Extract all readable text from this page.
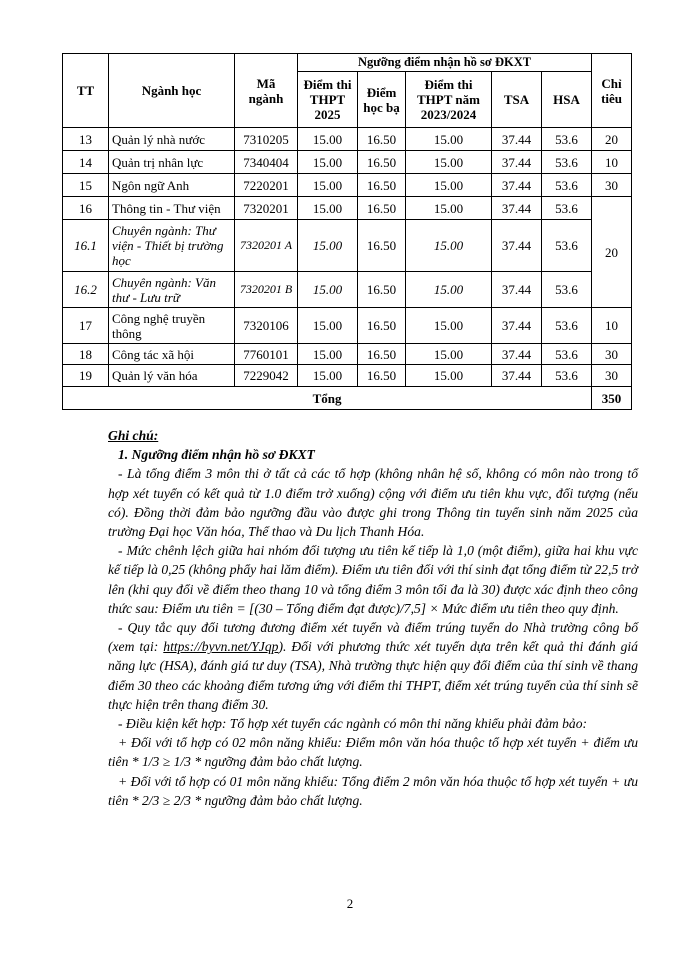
TT	Ngành học	Mã ngành	Ngưỡng điểm nhận hồ sơ ĐKXT					Chỉ tiêu
			Điểm thi THPT 2025	Điểm học bạ	Điểm thi THPT năm 2023/2024	TSA	HSA	
13	Quản lý nhà nước	7310205	15.00	16.50	15.00	37.44	53.6	20
14	Quản trị nhân lực	7340404	15.00	16.50	15.00	37.44	53.6	10
15	Ngôn ngữ Anh	7220201	15.00	16.50	15.00	37.44	53.6	30
16	Thông tin - Thư viện	7320201	15.00	16.50	15.00	37.44	53.6	20
16.1	Chuyên ngành: Thư viện - Thiết bị trường học	7320201 A	15.00	16.50	15.00	37.44	53.6	
16.2	Chuyên ngành: Văn thư - Lưu trữ	7320201 B	15.00	16.50	15.00	37.44	53.6	
17	Công nghệ truyền thông	7320106	15.00	16.50	15.00	37.44	53.6	10
18	Công tác xã hội	7760101	15.00	16.50	15.00	37.44	53.6	30
19	Quản lý văn hóa	7229042	15.00	16.50	15.00	37.44	53.6	30
Tổng								350

Ghi chú:

1. Ngưỡng điểm nhận hồ sơ ĐKXT

- Là tổng điểm 3 môn thi ở tất cả các tổ hợp (không nhân hệ số, không có môn nào trong tổ hợp xét tuyển có kết quả từ 1.0 điểm trở xuống) cộng với điểm ưu tiên khu vực, đối tượng (nếu có). Đồng thời đảm bảo ngưỡng đầu vào được ghi trong Thông tin tuyển sinh năm 2025 của trường Đại học Văn hóa, Thể thao và Du lịch Thanh Hóa.

- Mức chênh lệch giữa hai nhóm đối tượng ưu tiên kế tiếp là 1,0 (một điểm), giữa hai khu vực kế tiếp là 0,25 (không phẩy hai lăm điểm). Điểm ưu tiên đối với thí sinh đạt tổng điểm từ 22,5 trở lên (khi quy đổi về điểm theo thang 10 và tổng điểm 3 môn tối đa là 30) được xác định theo công thức sau: Điểm ưu tiên = [(30 – Tổng điểm đạt được)/7,5] × Mức điểm ưu tiên theo quy định.

- Quy tắc quy đổi tương đương điểm xét tuyển và điểm trúng tuyển do Nhà trường công bố (xem tại: https://byvn.net/YJqp). Đối với phương thức xét tuyển dựa trên kết quả thi đánh giá năng lực (HSA), đánh giá tư duy (TSA), Nhà trường thực hiện quy đổi điểm của thí sinh về thang điểm 30 theo các khoảng điểm tương ứng với điểm thi THPT, điểm xét trúng tuyển của thí sinh sẽ thực hiện trên thang điểm 30.

- Điều kiện kết hợp: Tổ hợp xét tuyển các ngành có môn thi năng khiếu phải đảm bảo:

+ Đối với tổ hợp có 02 môn năng khiếu: Điểm môn văn hóa thuộc tổ hợp xét tuyển + điểm ưu tiên * 1/3 ≥ 1/3 * ngưỡng đảm bảo chất lượng.

+ Đối với tổ hợp có 01 môn năng khiếu: Tổng điểm 2 môn văn hóa thuộc tổ hợp xét tuyển + ưu tiên * 2/3 ≥ 2/3 * ngưỡng đảm bảo chất lượng.

2
